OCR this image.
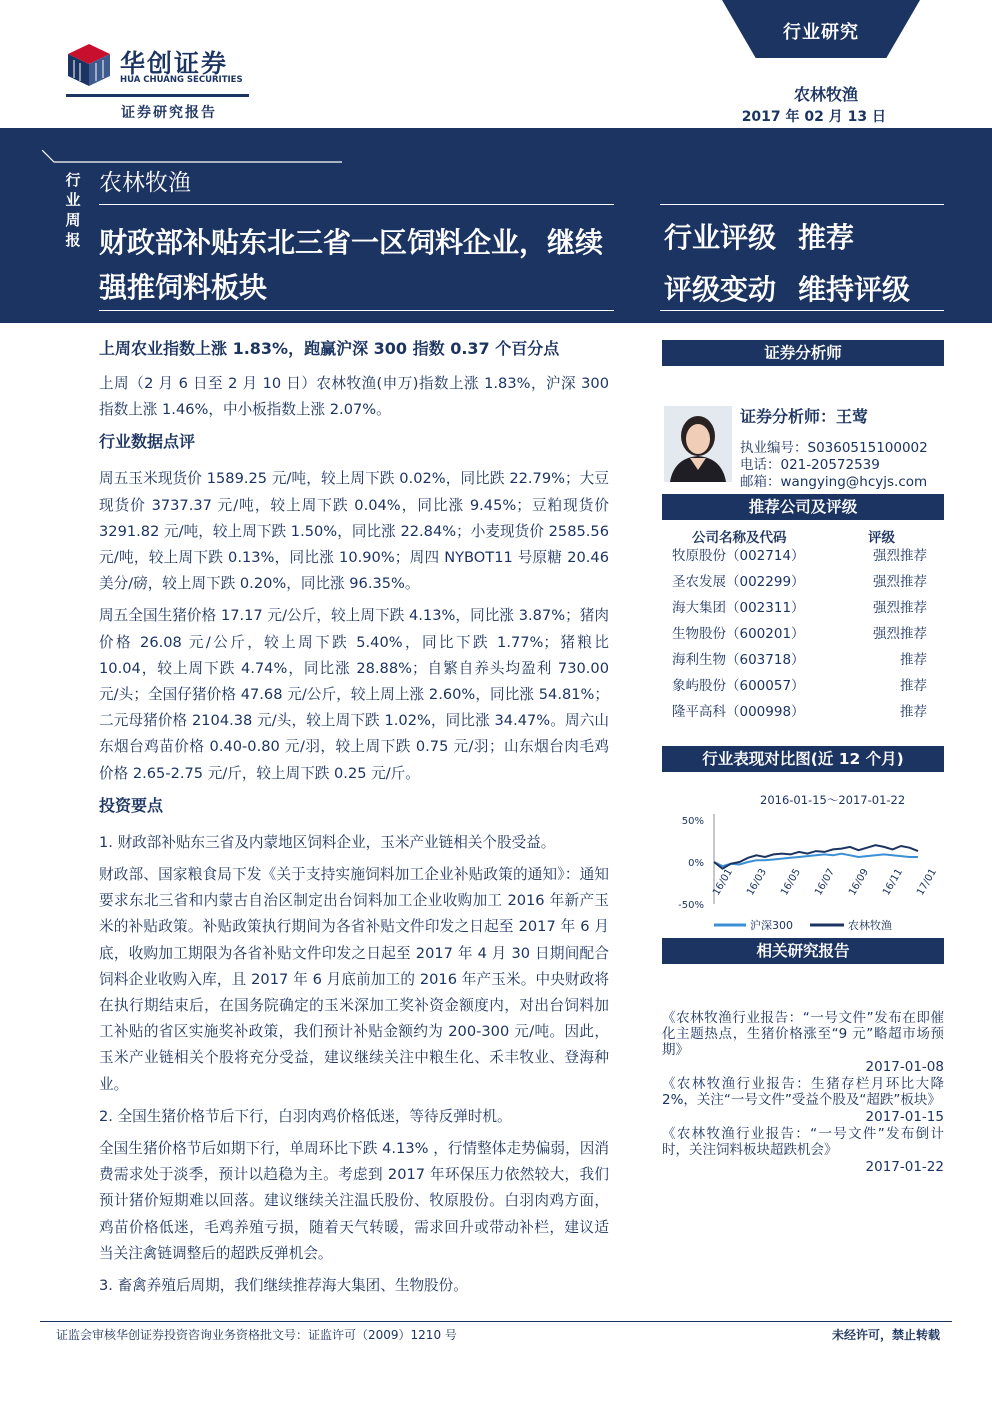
华创证券
HUA CHUANG SECURITIES
证券研究报告
行业研究
农林牧渔
2017 年 02 月 13 日
行业周报
农林牧渔
财政部补贴东北三省一区饲料企业，继续强推饲料板块
行业评级 推荐
评级变动 维持评级
上周农业指数上涨 1.83%，跑赢沪深 300 指数 0.37 个百分点

上周（2 月 6 日至 2 月 10 日）农林牧渔(申万)指数上涨 1.83%，沪深 300 指数上涨 1.46%，中小板指数上涨 2.07%。

行业数据点评

周五玉米现货价 1589.25 元/吨，较上周下跌 0.02%，同比跌 22.79%；大豆现货价 3737.37 元/吨，较上周下跌 0.04%，同比涨 9.45%；豆粕现货价 3291.82 元/吨，较上周下跌 1.50%，同比涨 22.84%；小麦现货价 2585.56 元/吨，较上周下跌 0.13%，同比涨 10.90%；周四 NYBOT11 号原糖 20.46 美分/磅，较上周下跌 0.20%，同比涨 96.35%。

周五全国生猪价格 17.17 元/公斤，较上周下跌 4.13%，同比涨 3.87%；猪肉价格 26.08 元/公斤，较上周下跌 5.40%，同比下跌 1.77%；猪粮比 10.04，较上周下跌 4.74%，同比涨 28.88%；自繁自养头均盈利 730.00 元/头；全国仔猪价格 47.68 元/公斤，较上周上涨 2.60%，同比涨 54.81%；二元母猪价格 2104.38 元/头，较上周下跌 1.02%，同比涨 34.47%。周六山东烟台鸡苗价格 0.40-0.80 元/羽，较上周下跌 0.75 元/羽；山东烟台肉毛鸡价格 2.65-2.75 元/斤，较上周下跌 0.25 元/斤。

投资要点

1. 财政部补贴东三省及内蒙地区饲料企业，玉米产业链相关个股受益。

财政部、国家粮食局下发《关于支持实施饲料加工企业补贴政策的通知》：通知要求东北三省和内蒙古自治区制定出台饲料加工企业收购加工 2016 年新产玉米的补贴政策。补贴政策执行期间为各省补贴文件印发之日起至 2017 年 6 月底，收购加工期限为各省补贴文件印发之日起至 2017 年 4 月 30 日期间配合饲料企业收购入库，且 2017 年 6 月底前加工的 2016 年产玉米。中央财政将在执行期结束后，在国务院确定的玉米深加工奖补资金额度内，对出台饲料加工补贴的省区实施奖补政策，我们预计补贴金额约为 200-300 元/吨。因此，玉米产业链相关个股将充分受益，建议继续关注中粮生化、禾丰牧业、登海种业。

2. 全国生猪价格节后下行，白羽肉鸡价格低迷，等待反弹时机。

全国生猪价格节后如期下行，单周环比下跌 4.13% ，行情整体走势偏弱，因消费需求处于淡季，预计以趋稳为主。考虑到 2017 年环保压力依然较大，我们预计猪价短期难以回落。建议继续关注温氏股份、牧原股份。白羽肉鸡方面，鸡苗价格低迷，毛鸡养殖亏损，随着天气转暖，需求回升或带动补栏，建议适当关注禽链调整后的超跌反弹机会。

3. 畜禽养殖后周期，我们继续推荐海大集团、生物股份。

证券分析师
证券分析师：王莺
执业编号：S0360515100002
电话：021-20572539
邮箱：wangying@hcyjs.com
推荐公司及评级
公司名称及代码	评级
牧原股份（002714）	强烈推荐
圣农发展（002299）	强烈推荐
海大集团（002311）	强烈推荐
生物股份（600201）	强烈推荐
海利生物（603718）	推荐
象屿股份（600057）	推荐
隆平高科（000998）	推荐
行业表现对比图(近 12 个月)
2016-01-15～2017-01-22
50%
0%
-50%
16/01 16/03 16/05 16/07 16/09 16/11 17/01
沪深300	农林牧渔
相关研究报告
《农林牧渔行业报告：“一号文件”发布在即催化主题热点，生猪价格涨至“9 元”略超市场预期》
2017-01-08
《农林牧渔行业报告：生猪存栏月环比大降 2%，关注“一号文件”受益个股及“超跌”板块》
2017-01-15
《农林牧渔行业报告：“一号文件”发布倒计时，关注饲料板块超跌机会》
2017-01-22
证监会审核华创证券投资咨询业务资格批文号：证监许可（2009）1210 号	未经许可，禁止转载
